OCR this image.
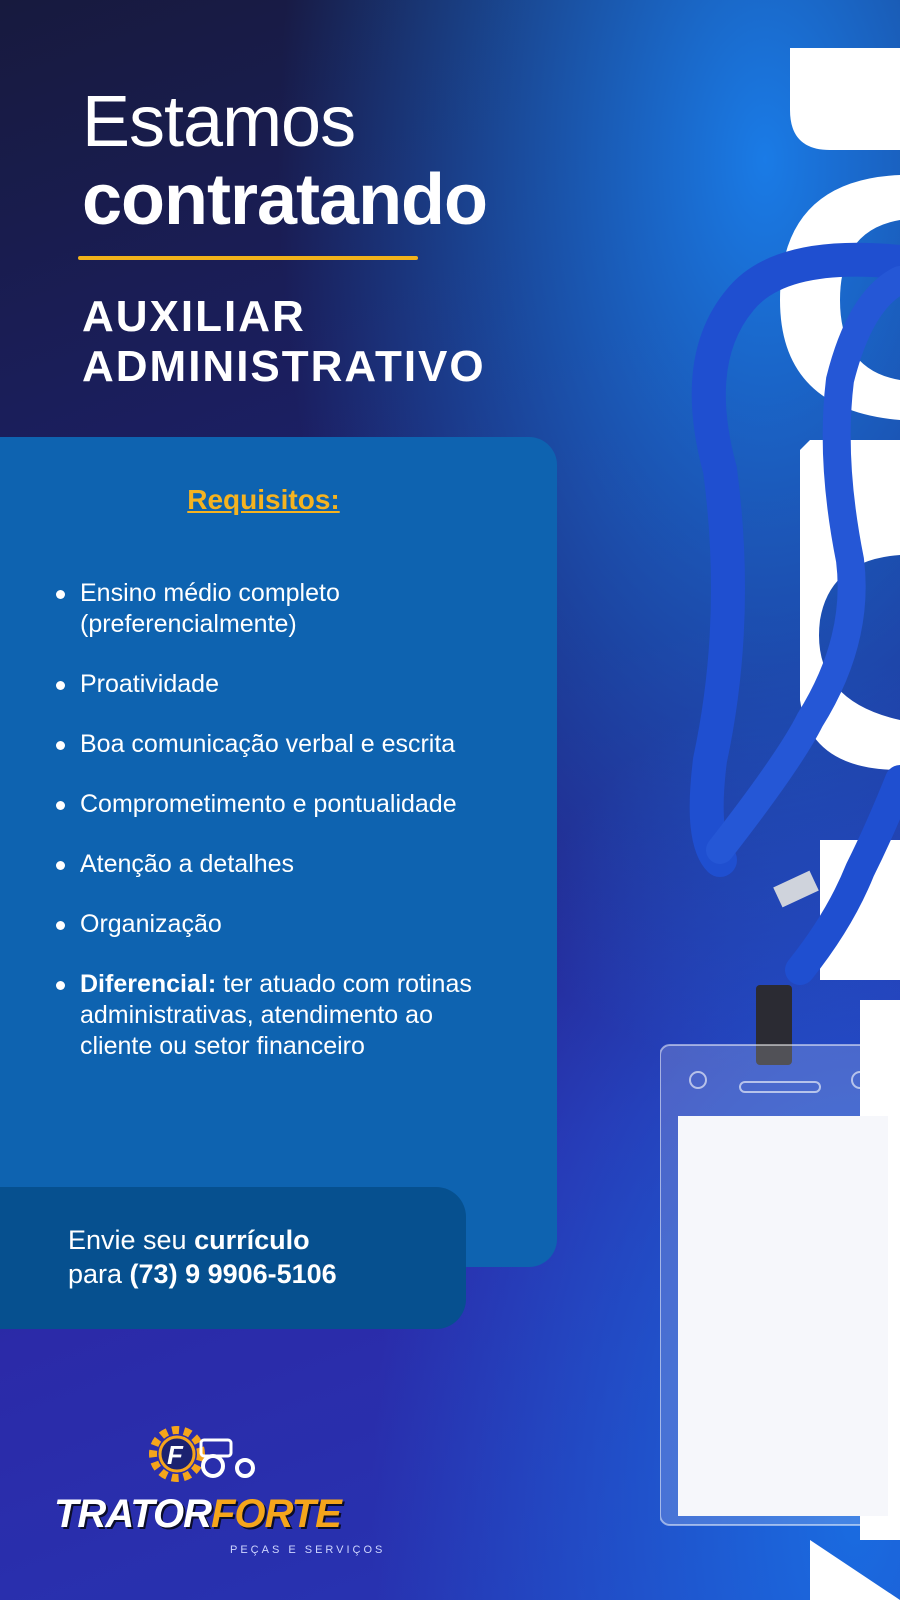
Estamos
contratando
AUXILIAR
ADMINISTRATIVO
Requisitos:
Ensino médio completo (preferencialmente)
Proatividade
Boa comunicação verbal e escrita
Comprometimento e pontualidade
Atenção a detalhes
Organização
Diferencial: ter atuado com rotinas administrativas, atendimento ao cliente ou setor financeiro
Envie seu currículo
para (73) 9 9906-5106
F
TRATORFORTE
PEÇAS E SERVIÇOS
